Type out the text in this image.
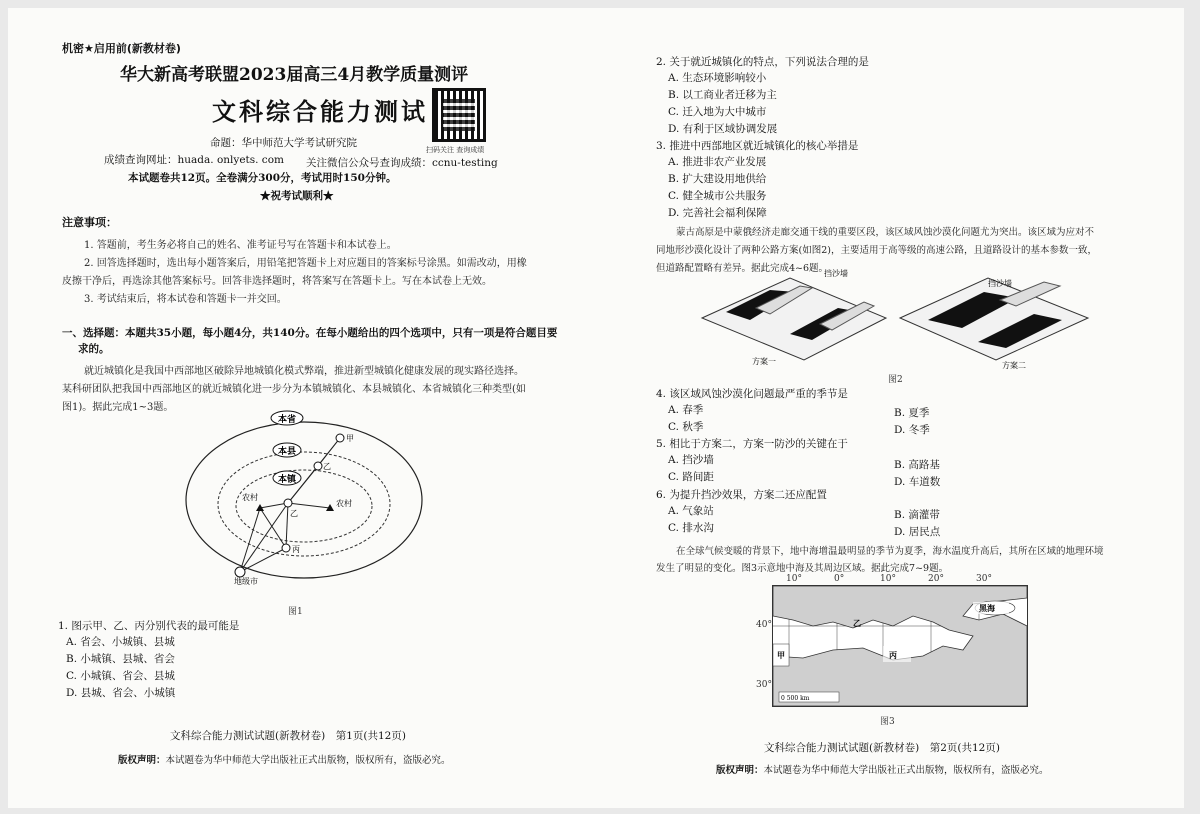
机密★启用前(新教材卷)
华大新高考联盟2023届高三4月教学质量测评
文科综合能力测试
扫码关注 查询成绩
命题：华中师范大学考试研究院
成绩查询网址：huada. onlyets. com 关注微信公众号查询成绩：ccnu-testing
本试题卷共12页。全卷满分300分，考试用时150分钟。
★祝考试顺利★
注意事项：
1. 答题前，考生务必将自己的姓名、准考证号写在答题卡和本试卷上。
2. 回答选择题时，选出每小题答案后，用铅笔把答题卡上对应题目的答案标号涂黑。如需改动，用橡
皮擦干净后，再选涂其他答案标号。回答非选择题时，将答案写在答题卡上。写在本试卷上无效。
3. 考试结束后，将本试卷和答题卡一并交回。
一、选择题：本题共35小题，每小题4分，共140分。在每小题给出的四个选项中，只有一项是符合题目要
求的。
就近城镇化是我国中西部地区破除异地城镇化模式弊端，推进新型城镇化健康发展的现实路径选择。
某科研团队把我国中西部地区的就近城镇化进一步分为本镇城镇化、本县城镇化、本省城镇化三种类型(如
图1)。据此完成1~3题。
本省
本县
本镇
甲
乙
乙
丙
农村
农村
地级市
图1
1. 图示甲、乙、丙分别代表的最可能是
A. 省会、小城镇、县城
B. 小城镇、县城、省会
C. 小城镇、省会、县城
D. 县城、省会、小城镇
文科综合能力测试试题(新教材卷)　第1页(共12页)
版权声明：本试题卷为华中师范大学出版社正式出版物，版权所有，盗版必究。
2. 关于就近城镇化的特点，下列说法合理的是
A. 生态环境影响较小
B. 以工商业者迁移为主
C. 迁入地为大中城市
D. 有利于区域协调发展
3. 推进中西部地区就近城镇化的核心举措是
A. 推进非农产业发展
B. 扩大建设用地供给
C. 健全城市公共服务
D. 完善社会福利保障
蒙古高原是中蒙俄经济走廊交通干线的重要区段，该区域风蚀沙漠化问题尤为突出。该区域为应对不
同地形沙漠化设计了两种公路方案(如图2)，主要适用于高等级的高速公路，且道路设计的基本参数一致，
但道路配置略有差异。据此完成4~6题。
挡沙墙
挡沙墙
方案一	方案二
图2
4. 该区域风蚀沙漠化问题最严重的季节是
A. 春季	B. 夏季
C. 秋季	D. 冬季
5. 相比于方案二，方案一防沙的关键在于
A. 挡沙墙	B. 高路基
C. 路间距	D. 车道数
6. 为提升挡沙效果，方案二还应配置
A. 气象站	B. 滴灌带
C. 排水沟	D. 居民点
在全球气候变暖的背景下，地中海增温最明显的季节为夏季，海水温度升高后，其所在区域的地理环境
发生了明显的变化。图3示意地中海及其周边区域。据此完成7~9题。
10°	0°	10°	20°	30°
40°
30°
甲
乙
丙
黑海
0 500 km
图3
文科综合能力测试试题(新教材卷)　第2页(共12页)
版权声明：本试题卷为华中师范大学出版社正式出版物，版权所有，盗版必究。
